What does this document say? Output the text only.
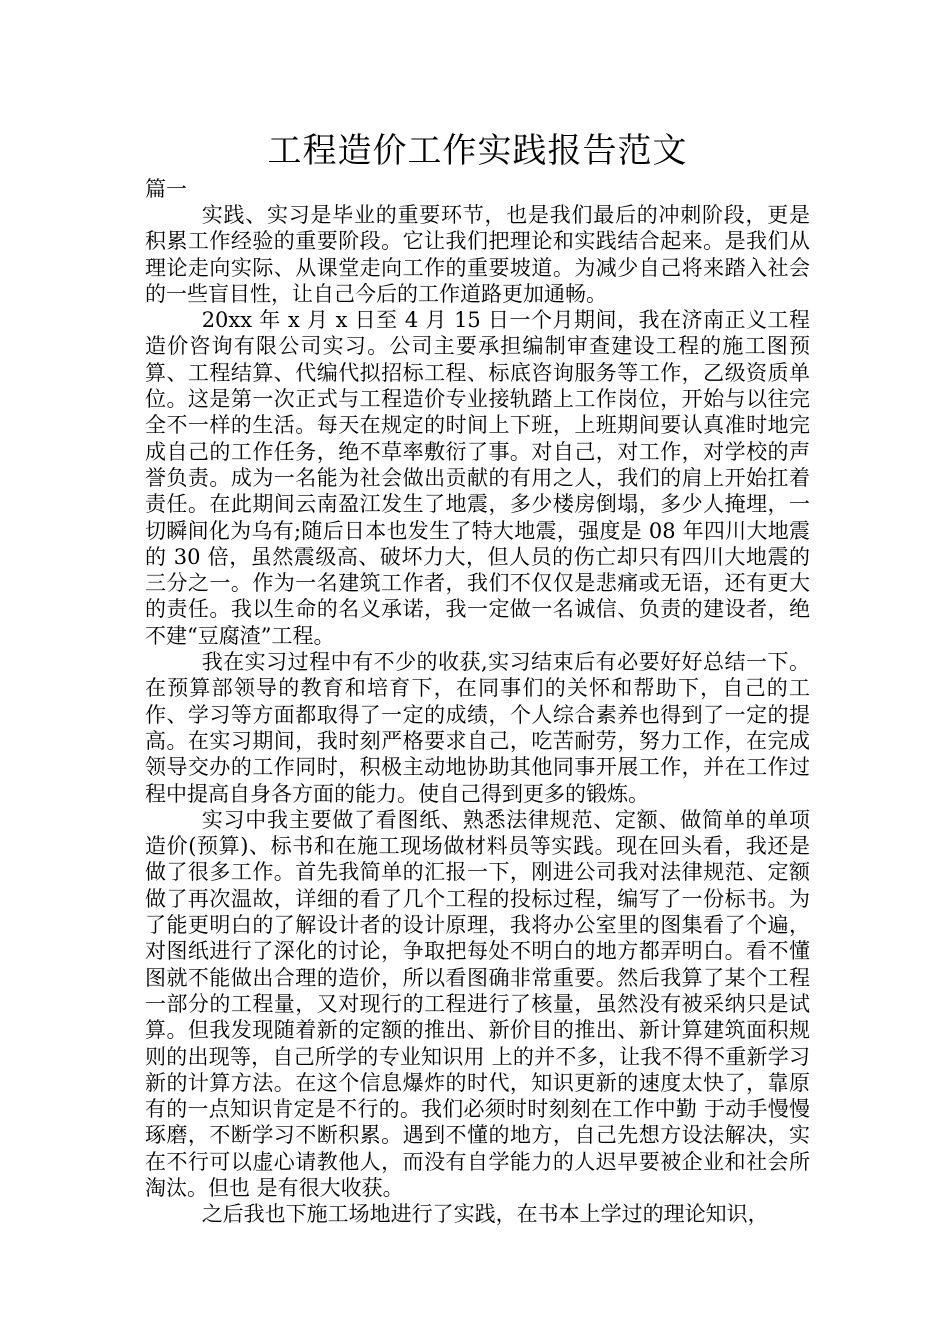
工程造价工作实践报告范文

篇一

实践、实习是毕业的重要环节，也是我们最后的冲刺阶段，更是积累工作经验的重要阶段。它让我们把理论和实践结合起来。是我们从理论走向实际、从课堂走向工作的重要坡道。为减少自己将来踏入社会的一些盲目性，让自己今后的工作道路更加通畅。

20xx 年 x 月 x 日至 4 月 15 日一个月期间，我在济南正义工程造价咨询有限公司实习。公司主要承担编制审查建设工程的施工图预算、工程结算、代编代拟招标工程、标底咨询服务等工作，乙级资质单位。这是第一次正式与工程造价专业接轨踏上工作岗位，开始与以往完全不一样的生活。每天在规定的时间上下班，上班期间要认真准时地完成自己的工作任务，绝不草率敷衍了事。对自己，对工作，对学校的声誉负责。成为一名能为社会做出贡献的有用之人，我们的肩上开始扛着责任。在此期间云南盈江发生了地震，多少楼房倒塌，多少人掩埋，一切瞬间化为乌有;随后日本也发生了特大地震，强度是 08 年四川大地震的 30 倍，虽然震级高、破坏力大，但人员的伤亡却只有四川大地震的三分之一。作为一名建筑工作者，我们不仅仅是悲痛或无语，还有更大的责任。我以生命的名义承诺，我一定做一名诚信、负责的建设者，绝不建“豆腐渣”工程。

我在实习过程中有不少的收获,实习结束后有必要好好总结一下。在预算部领导的教育和培育下，在同事们的关怀和帮助下，自己的工作、学习等方面都取得了一定的成绩，个人综合素养也得到了一定的提高。在实习期间，我时刻严格要求自己，吃苦耐劳，努力工作，在完成领导交办的工作同时，积极主动地协助其他同事开展工作，并在工作过程中提高自身各方面的能力。使自己得到更多的锻炼。

实习中我主要做了看图纸、熟悉法律规范、定额、做简单的单项造价(预算)、标书和在施工现场做材料员等实践。现在回头看，我还是做了很多工作。首先我简单的汇报一下，刚进公司我对法律规范、定额做了再次温故，详细的看了几个工程的投标过程，编写了一份标书。为了能更明白的了解设计者的设计原理，我将办公室里的图集看了个遍，对图纸进行了深化的讨论，争取把每处不明白的地方都弄明白。看不懂图就不能做出合理的造价，所以看图确非常重要。然后我算了某个工程一部分的工程量，又对现行的工程进行了核量，虽然没有被采纳只是试算。但我发现随着新的定额的推出、新价目的推出、新计算建筑面积规则的出现等，自己所学的专业知识用 上的并不多，让我不得不重新学习新的计算方法。在这个信息爆炸的时代，知识更新的速度太快了，靠原有的一点知识肯定是不行的。我们必须时时刻刻在工作中勤 于动手慢慢琢磨，不断学习不断积累。遇到不懂的地方，自己先想方设法解决，实在不行可以虚心请教他人，而没有自学能力的人迟早要被企业和社会所淘汰。但也 是有很大收获。

之后我也下施工场地进行了实践，在书本上学过的理论知识，
